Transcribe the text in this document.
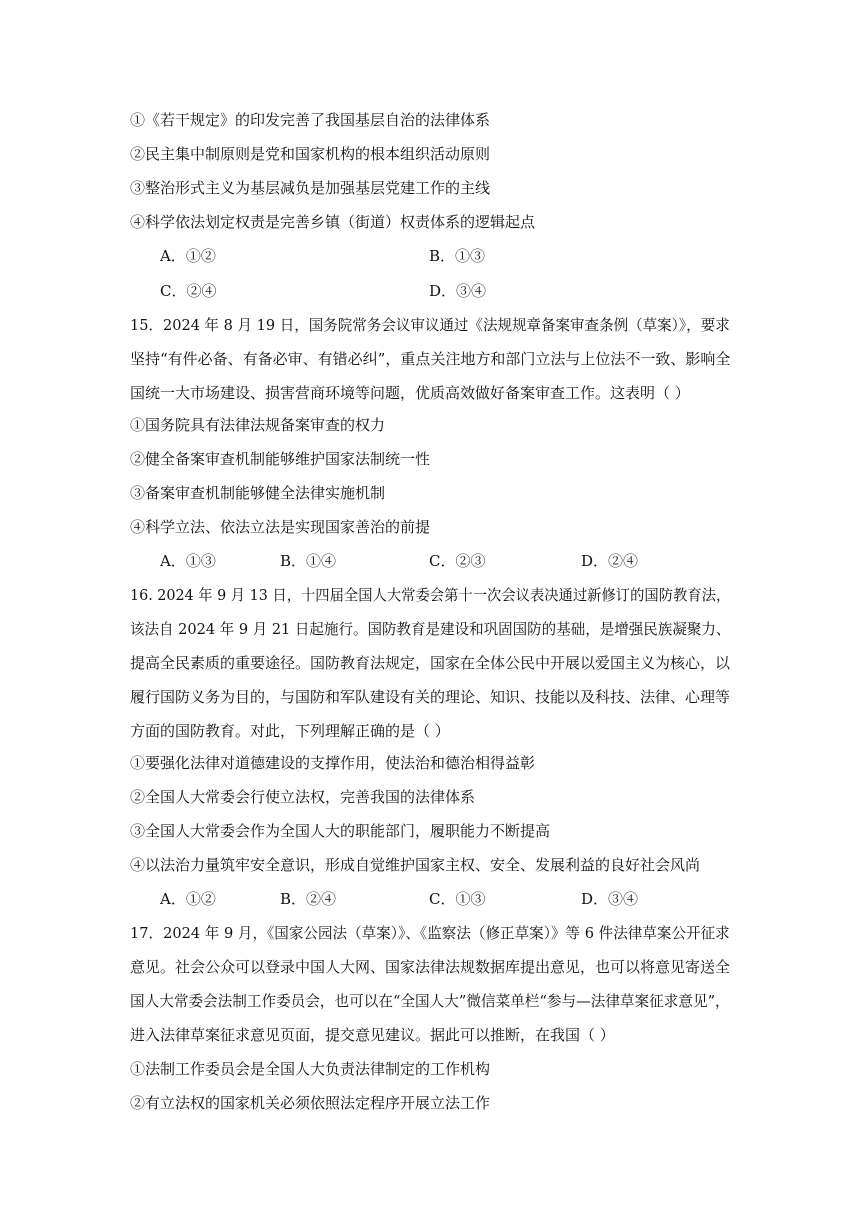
①《若干规定》的印发完善了我国基层自治的法律体系
②民主集中制原则是党和国家机构的根本组织活动原则
③整治形式主义为基层减负是加强基层党建工作的主线
④科学依法划定权责是完善乡镇（街道）权责体系的逻辑起点
A．①②	B．①③
C．②④	D．③④
15．2024 年 8 月 19 日，国务院常务会议审议通过《法规规章备案审查条例（草案）》，要求
坚持“有件必备、有备必审、有错必纠”，重点关注地方和部门立法与上位法不一致、影响全
国统一大市场建设、损害营商环境等问题，优质高效做好备案审查工作。这表明（ ）
①国务院具有法律法规备案审查的权力
②健全备案审查机制能够维护国家法制统一性
③备案审查机制能够健全法律实施机制
④科学立法、依法立法是实现国家善治的前提
A．①③	B．①④	C．②③	D．②④
16. 2024 年 9 月 13 日，十四届全国人大常委会第十一次会议表决通过新修订的国防教育法，
该法自 2024 年 9 月 21 日起施行。国防教育是建设和巩固国防的基础，是增强民族凝聚力、
提高全民素质的重要途径。国防教育法规定，国家在全体公民中开展以爱国主义为核心，以
履行国防义务为目的，与国防和军队建设有关的理论、知识、技能以及科技、法律、心理等
方面的国防教育。对此，下列理解正确的是（ ）
①要强化法律对道德建设的支撑作用，使法治和德治相得益彰
②全国人大常委会行使立法权，完善我国的法律体系
③全国人大常委会作为全国人大的职能部门，履职能力不断提高
④以法治力量筑牢安全意识，形成自觉维护国家主权、安全、发展利益的良好社会风尚
A．①②	B．②④	C．①③	D．③④
17．2024 年 9 月，《国家公园法（草案）》、《监察法（修正草案）》等 6 件法律草案公开征求
意见。社会公众可以登录中国人大网、国家法律法规数据库提出意见，也可以将意见寄送全
国人大常委会法制工作委员会，也可以在“全国人大”微信菜单栏“参与—法律草案征求意见”，
进入法律草案征求意见页面，提交意见建议。据此可以推断，在我国（ ）
①法制工作委员会是全国人大负责法律制定的工作机构
②有立法权的国家机关必须依照法定程序开展立法工作
